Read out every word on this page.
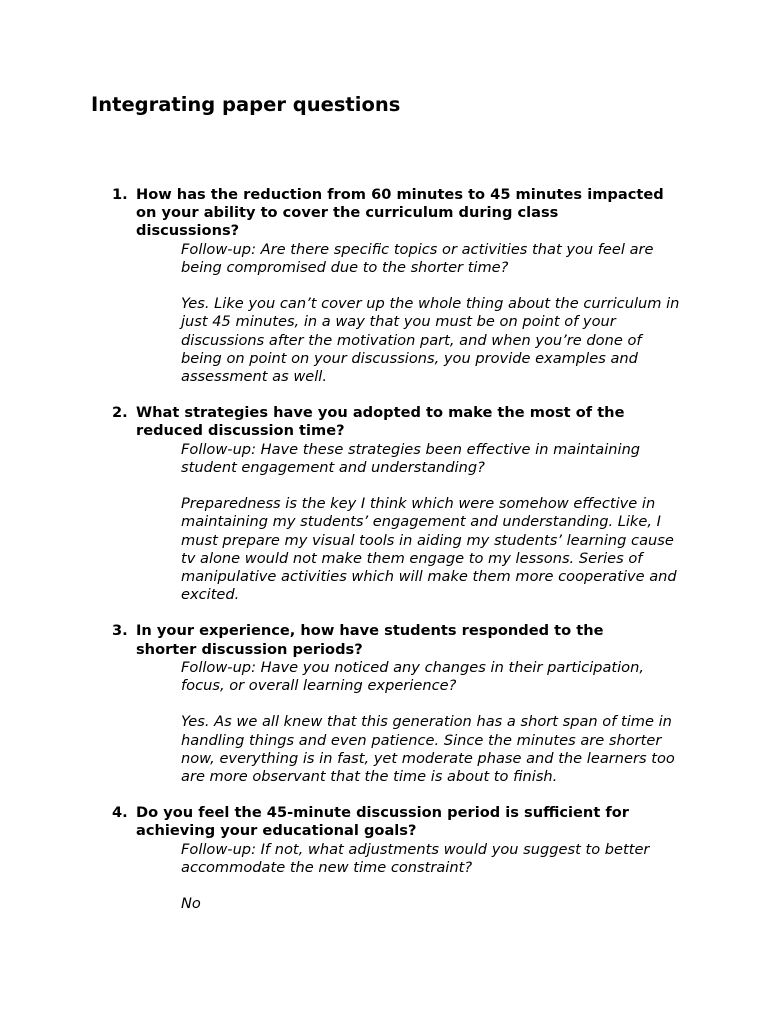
Integrating paper questions
1. How has the reduction from 60 minutes to 45 minutes impacted on your ability to cover the curriculum during class discussions?

Follow-up: Are there specific topics or activities that you feel are being compromised due to the shorter time?

Yes. Like you can’t cover up the whole thing about the curriculum in just 45 minutes, in a way that you must be on point of your discussions after the motivation part, and when you’re done of being on point on your discussions, you provide examples and assessment as well.

2. What strategies have you adopted to make the most of the reduced discussion time?

Follow-up: Have these strategies been effective in maintaining student engagement and understanding?

Preparedness is the key I think which were somehow effective in maintaining my students’ engagement and understanding. Like, I must prepare my visual tools in aiding my students’ learning cause tv alone would not make them engage to my lessons. Series of manipulative activities which will make them more cooperative and excited.

3. In your experience, how have students responded to the shorter discussion periods?

Follow-up: Have you noticed any changes in their participation, focus, or overall learning experience?

Yes. As we all knew that this generation has a short span of time in handling things and even patience. Since the minutes are shorter now, everything is in fast, yet moderate phase and the learners too are more observant that the time is about to finish.

4. Do you feel the 45-minute discussion period is sufficient for achieving your educational goals?

Follow-up: If not, what adjustments would you suggest to better accommodate the new time constraint?

No
